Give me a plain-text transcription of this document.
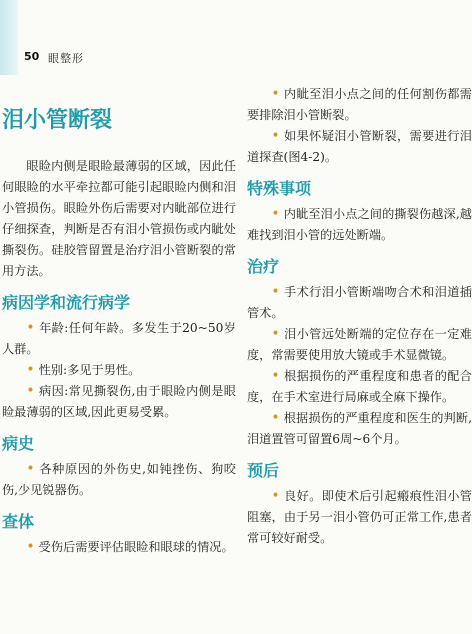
50 眼整形
泪小管断裂

眼睑内侧是眼睑最薄弱的区域，因此任何眼睑的水平牵拉都可能引起眼睑内侧和泪小管损伤。眼睑外伤后需要对内眦部位进行仔细探查，判断是否有泪小管损伤或内眦处撕裂伤。硅胶管留置是治疗泪小管断裂的常用方法。

病因学和流行病学

• 年龄:任何年龄。多发生于20~50岁人群。

• 性别:多见于男性。

• 病因:常见撕裂伤,由于眼睑内侧是眼睑最薄弱的区域,因此更易受累。

病史

• 各种原因的外伤史,如钝挫伤、狗咬伤,少见锐器伤。

查体

• 受伤后需要评估眼睑和眼球的情况。

• 内眦至泪小点之间的任何割伤都需要排除泪小管断裂。

• 如果怀疑泪小管断裂，需要进行泪道探查(图4-2)。

特殊事项

• 内眦至泪小点之间的撕裂伤越深,越难找到泪小管的远处断端。

治疗

• 手术行泪小管断端吻合术和泪道插管术。

• 泪小管远处断端的定位存在一定难度，常需要使用放大镜或手术显微镜。

• 根据损伤的严重程度和患者的配合度，在手术室进行局麻或全麻下操作。

• 根据损伤的严重程度和医生的判断,泪道置管可留置6周~6个月。

预后

• 良好。即使术后引起瘢痕性泪小管阻塞，由于另一泪小管仍可正常工作,患者常可较好耐受。
